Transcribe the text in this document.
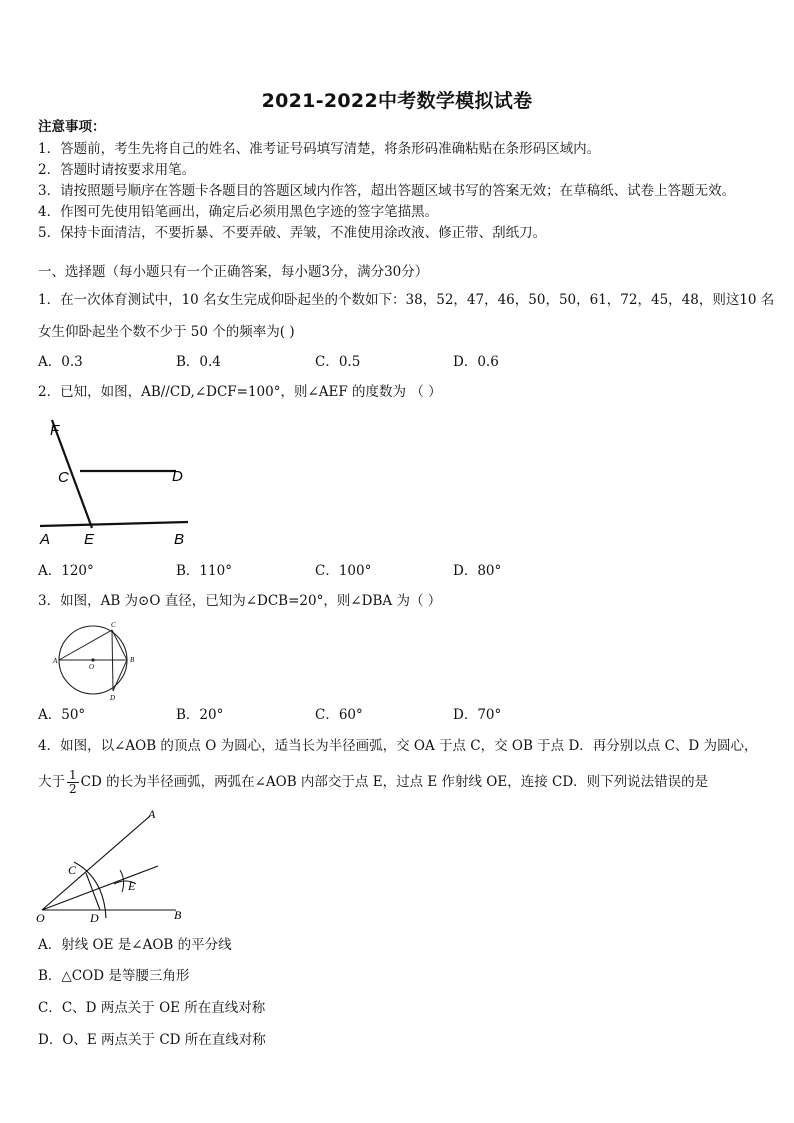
2021-2022中考数学模拟试卷
注意事项：
1．答题前，考生先将自己的姓名、准考证号码填写清楚，将条形码准确粘贴在条形码区域内。
2．答题时请按要求用笔。
3．请按照题号顺序在答题卡各题目的答题区域内作答，超出答题区域书写的答案无效；在草稿纸、试卷上答题无效。
4．作图可先使用铅笔画出，确定后必须用黑色字迹的签字笔描黑。
5．保持卡面清洁，不要折暴、不要弄破、弄皱，不准使用涂改液、修正带、刮纸刀。
一、选择题（每小题只有一个正确答案，每小题3分，满分30分）
1．在一次体育测试中，10 名女生完成仰卧起坐的个数如下：38，52，47，46，50，50，61，72，45，48，则这10 名
女生仰卧起坐个数不少于 50 个的频率为( )
A．0.3	B．0.4	C．0.5	D．0.6
2．已知，如图，AB//CD,∠DCF=100°，则∠AEF 的度数为 （ ）
F
C	D
A E	B
A．120°	B．110°	C．100°	D．80°
3．如图，AB 为⊙O 直径，已知为∠DCB=20°，则∠DBA 为（ ）
A
O
B
C
D
A．50°	B．20°	C．60°	D．70°
4．如图，以∠AOB 的顶点 O 为圆心，适当长为半径画弧，交 OA 于点 C，交 OB 于点 D．再分别以点 C、D 为圆心，
大于 $\frac{1}{2}$ CD 的长为半径画弧，两弧在∠AOB 内部交于点 E，过点 E 作射线 OE，连接 CD．则下列说法错误的是
A
C
E
O	D	B
A．射线 OE 是∠AOB 的平分线
B．△COD 是等腰三角形
C．C、D 两点关于 OE 所在直线对称
D．O、E 两点关于 CD 所在直线对称
